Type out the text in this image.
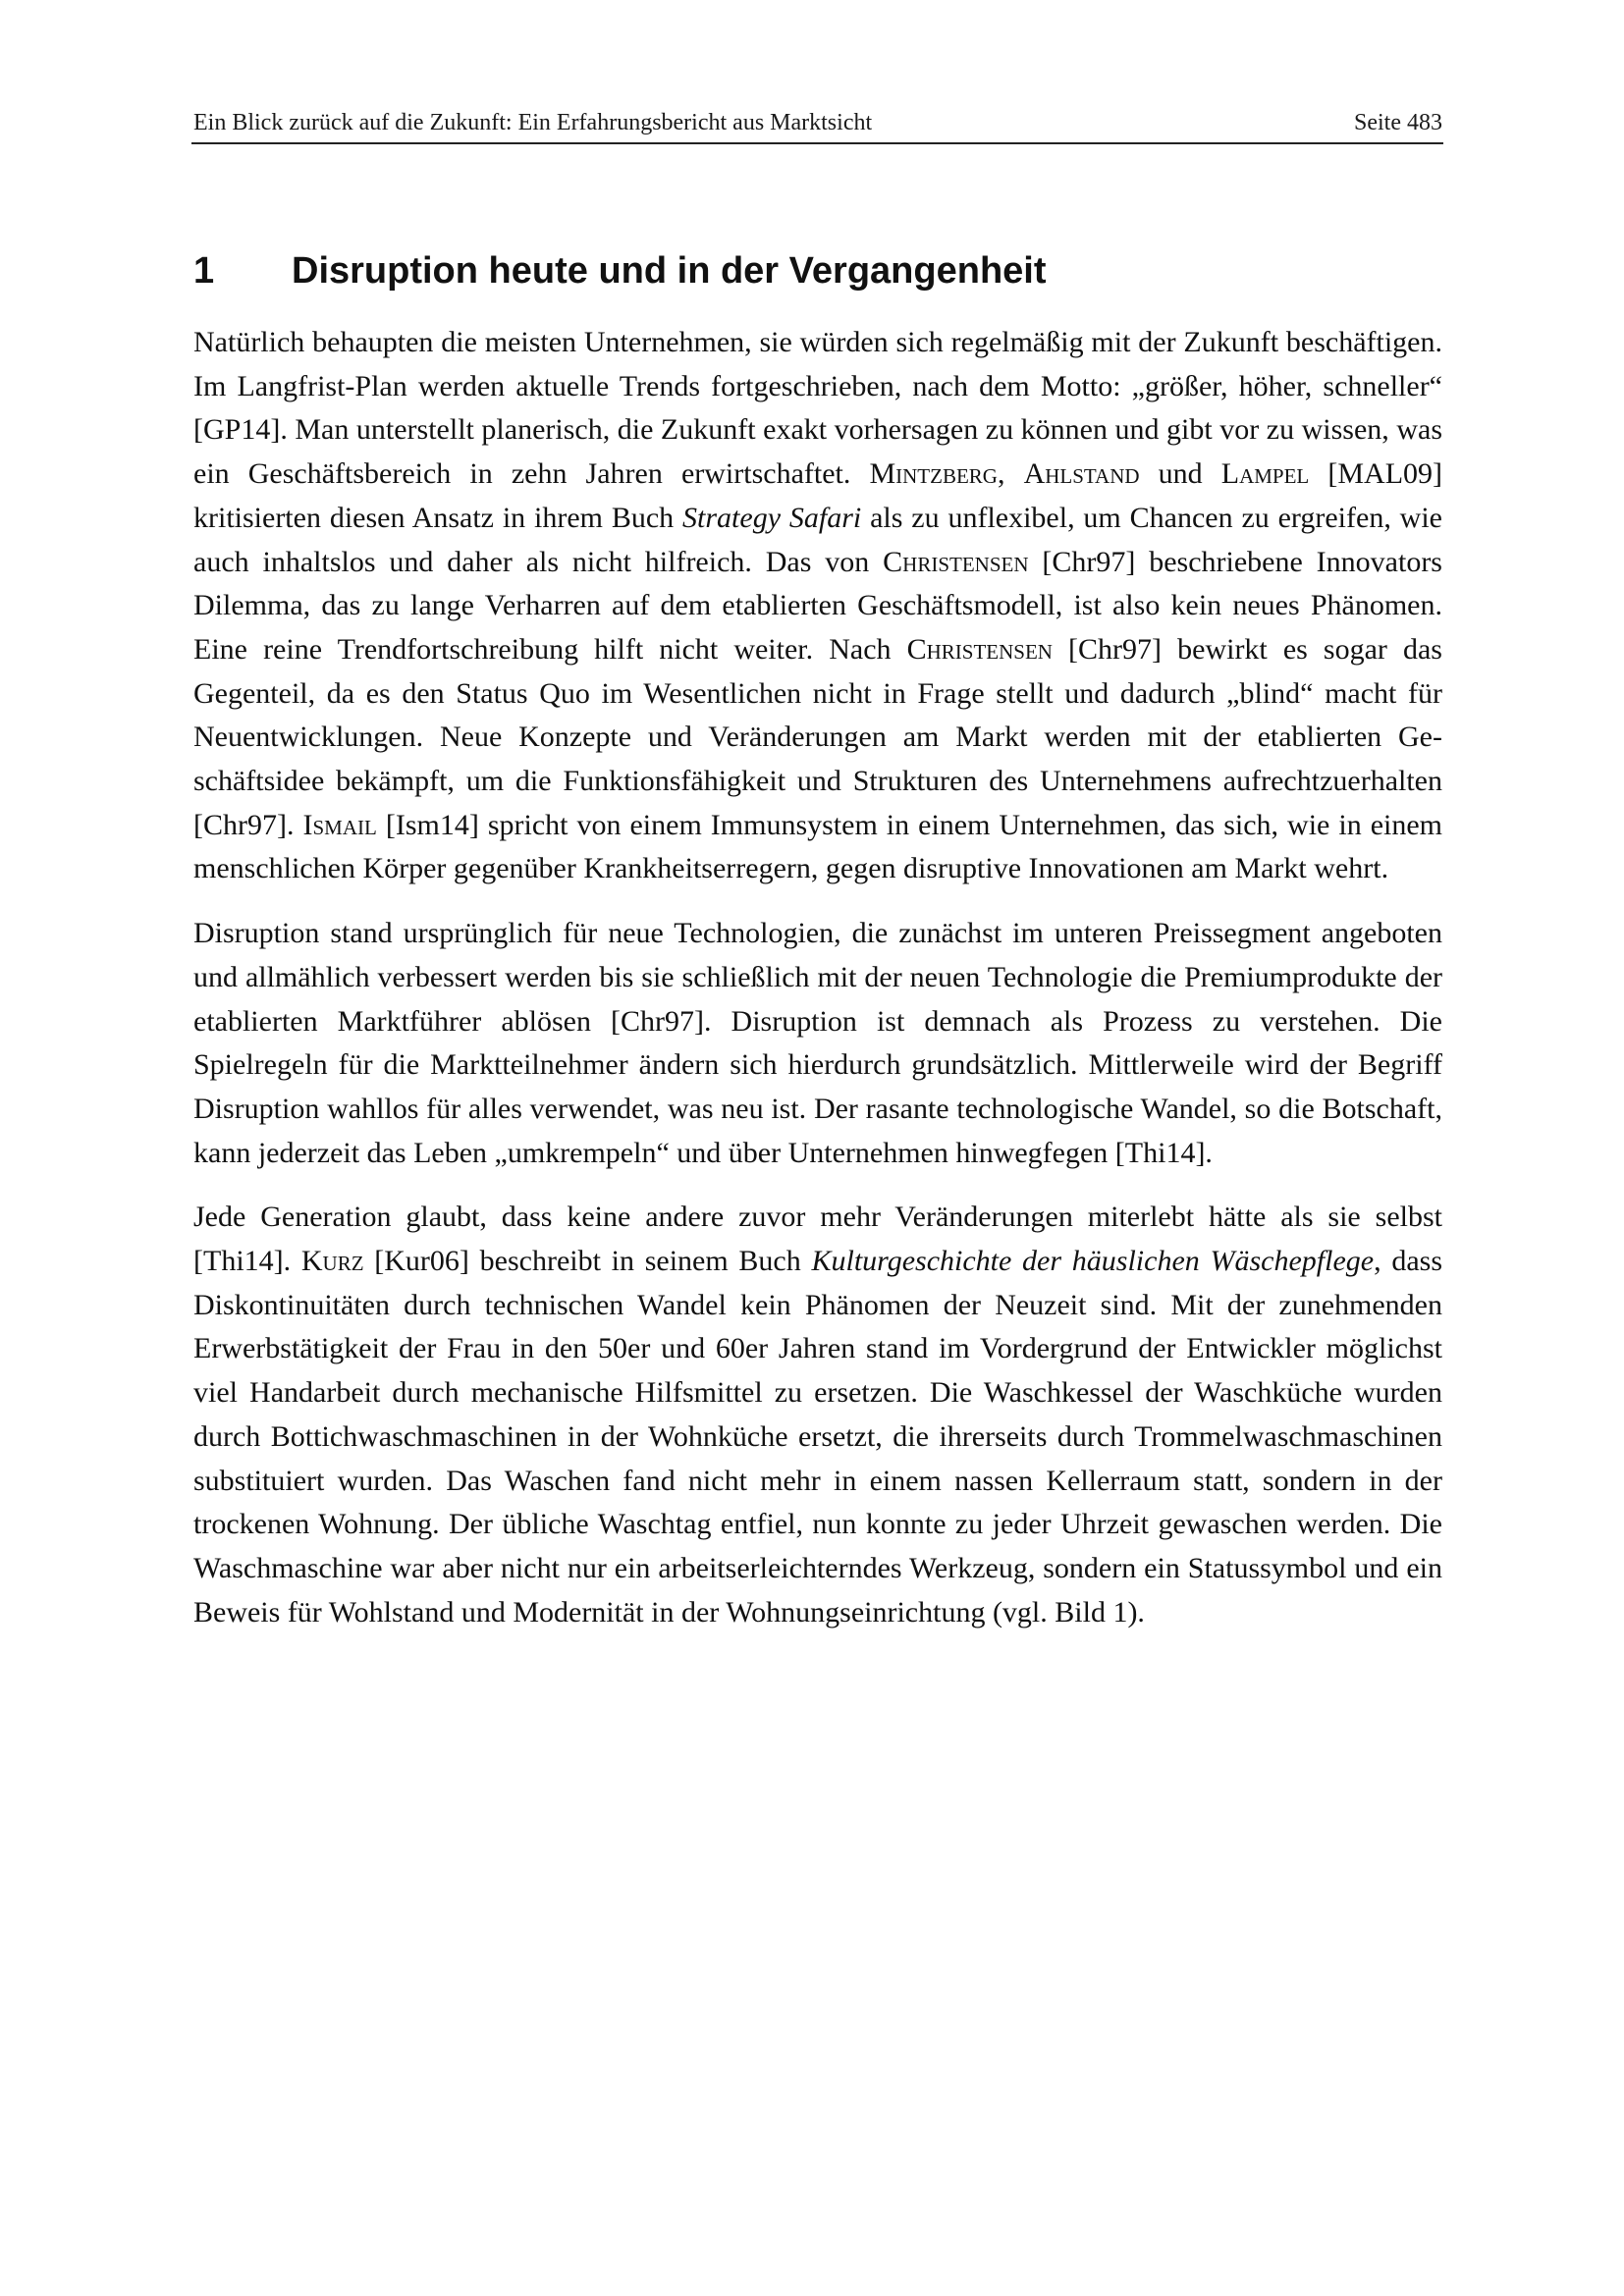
Ein Blick zurück auf die Zukunft: Ein Erfahrungsbericht aus Marktsicht	Seite 483
1	Disruption heute und in der Vergangenheit

Natürlich behaupten die meisten Unternehmen, sie würden sich regelmäßig mit der Zukunft beschäftigen. Im Langfrist-Plan werden aktuelle Trends fortgeschrieben, nach dem Motto: „größer, höher, schneller“ [GP14]. Man unterstellt planerisch, die Zukunft exakt vorhersagen zu können und gibt vor zu wissen, was ein Geschäftsbereich in zehn Jahren erwirtschaftet. Mintzberg, Ahlstand und Lampel [MAL09] kritisierten diesen Ansatz in ihrem Buch Strategy Safari als zu unflexibel, um Chancen zu ergreifen, wie auch inhaltslos und daher als nicht hilfreich. Das von Christensen [Chr97] beschriebene Innovators Dilemma, das zu lange Verharren auf dem etablierten Geschäftsmodell, ist also kein neues Phänomen. Eine reine Trendfortschreibung hilft nicht weiter. Nach Christensen [Chr97] bewirkt es sogar das Gegenteil, da es den Status Quo im Wesentlichen nicht in Frage stellt und dadurch „blind“ macht für Neuentwicklungen. Neue Konzepte und Veränderungen am Markt werden mit der etablierten Geschäftsidee bekämpft, um die Funktionsfähigkeit und Strukturen des Unternehmens aufrechtzuerhalten [Chr97]. Ismail [Ism14] spricht von einem Immunsystem in einem Unternehmen, das sich, wie in einem menschlichen Körper gegenüber Krankheitserregern, gegen disruptive Innovationen am Markt wehrt.

Disruption stand ursprünglich für neue Technologien, die zunächst im unteren Preissegment angeboten und allmählich verbessert werden bis sie schließlich mit der neuen Technologie die Premiumprodukte der etablierten Marktführer ablösen [Chr97]. Disruption ist demnach als Prozess zu verstehen. Die Spielregeln für die Marktteilnehmer ändern sich hierdurch grundsätzlich. Mittlerweile wird der Begriff Disruption wahllos für alles verwendet, was neu ist. Der rasante technologische Wandel, so die Botschaft, kann jederzeit das Leben „umkrempeln“ und über Unternehmen hinwegfegen [Thi14].

Jede Generation glaubt, dass keine andere zuvor mehr Veränderungen miterlebt hätte als sie selbst [Thi14]. Kurz [Kur06] beschreibt in seinem Buch Kulturgeschichte der häuslichen Wäschepflege, dass Diskontinuitäten durch technischen Wandel kein Phänomen der Neuzeit sind. Mit der zunehmenden Erwerbstätigkeit der Frau in den 50er und 60er Jahren stand im Vordergrund der Entwickler möglichst viel Handarbeit durch mechanische Hilfsmittel zu ersetzen. Die Waschkessel der Waschküche wurden durch Bottichwaschmaschinen in der Wohnküche ersetzt, die ihrerseits durch Trommelwaschmaschinen substituiert wurden. Das Waschen fand nicht mehr in einem nassen Kellerraum statt, sondern in der trockenen Wohnung. Der übliche Waschtag entfiel, nun konnte zu jeder Uhrzeit gewaschen werden. Die Waschmaschine war aber nicht nur ein arbeitserleichterndes Werkzeug, sondern ein Statussymbol und ein Beweis für Wohlstand und Modernität in der Wohnungseinrichtung (vgl. Bild 1).
